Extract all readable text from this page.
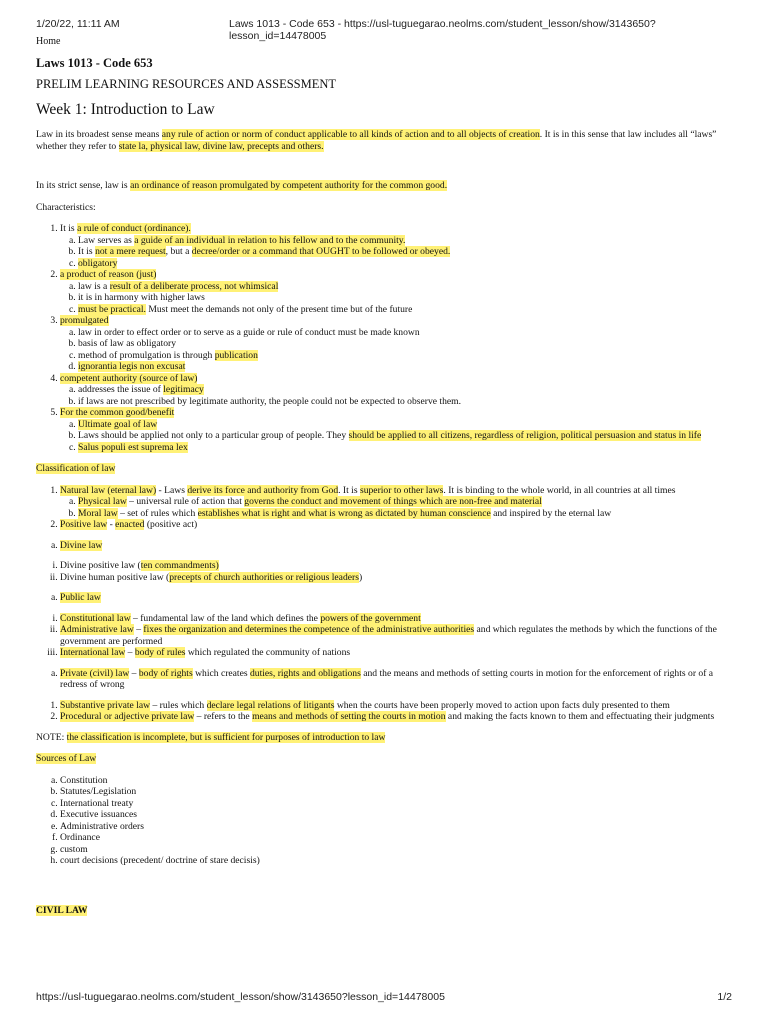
1/20/22, 11:11 AM	Laws 1013 - Code 653 - https://usl-tuguegarao.neolms.com/student_lesson/show/3143650?lesson_id=14478005
Home
Laws 1013 - Code 653
PRELIM LEARNING RESOURCES AND ASSESSMENT
Week 1: Introduction to Law

Law in its broadest sense means any rule of action or norm of conduct applicable to all kinds of action and to all objects of creation. It is in this sense that law includes all “laws” whether they refer to state la, physical law, divine law, precepts and others.

In its strict sense, law is an ordinance of reason promulgated by competent authority for the common good.

Characteristics:

1. It is a rule of conduct (ordinance).
a. Law serves as a guide of an individual in relation to his fellow and to the community.
b. It is not a mere request, but a decree/order or a command that OUGHT to be followed or obeyed.
c. obligatory
2. a product of reason (just)
a. law is a result of a deliberate process, not whimsical
b. it is in harmony with higher laws
c. must be practical. Must meet the demands not only of the present time but of the future
3. promulgated
a. law in order to effect order or to serve as a guide or rule of conduct must be made known
b. basis of law as obligatory
c. method of promulgation is through publication
d. ignorantia legis non excusat
4. competent authority (source of law)
a. addresses the issue of legitimacy
b. if laws are not prescribed by legitimate authority, the people could not be expected to observe them.
5. For the common good/benefit
a. Ultimate goal of law
b. Laws should be applied not only to a particular group of people. They should be applied to all citizens, regardless of religion, political persuasion and status in life
c. Salus populi est suprema lex

Classification of law

1. Natural law (eternal law) - Laws derive its force and authority from God. It is superior to other laws. It is binding to the whole world, in all countries at all times
a. Physical law – universal rule of action that governs the conduct and movement of things which are non-free and material
b. Moral law – set of rules which establishes what is right and what is wrong as dictated by human conscience and inspired by the eternal law
2. Positive law - enacted (positive act)
a. Divine law
i. Divine positive law (ten commandments)
ii. Divine human positive law (precepts of church authorities or religious leaders)
a. Public law
i. Constitutional law – fundamental law of the land which defines the powers of the government
ii. Administrative law – fixes the organization and determines the competence of the administrative authorities and which regulates the methods by which the functions of the government are performed
iii. International law – body of rules which regulated the community of nations
a. Private (civil) law – body of rights which creates duties, rights and obligations and the means and methods of setting courts in motion for the enforcement of rights or of a redress of wrong
1. Substantive private law – rules which declare legal relations of litigants when the courts have been properly moved to action upon facts duly presented to them
2. Procedural or adjective private law – refers to the means and methods of setting the courts in motion and making the facts known to them and effectuating their judgments

NOTE: the classification is incomplete, but is sufficient for purposes of introduction to law

Sources of Law

a. Constitution
b. Statutes/Legislation
c. International treaty
d. Executive issuances
e. Administrative orders
f. Ordinance
g. custom
h. court decisions (precedent/ doctrine of stare decisis)

CIVIL LAW

https://usl-tuguegarao.neolms.com/student_lesson/show/3143650?lesson_id=14478005	1/2
